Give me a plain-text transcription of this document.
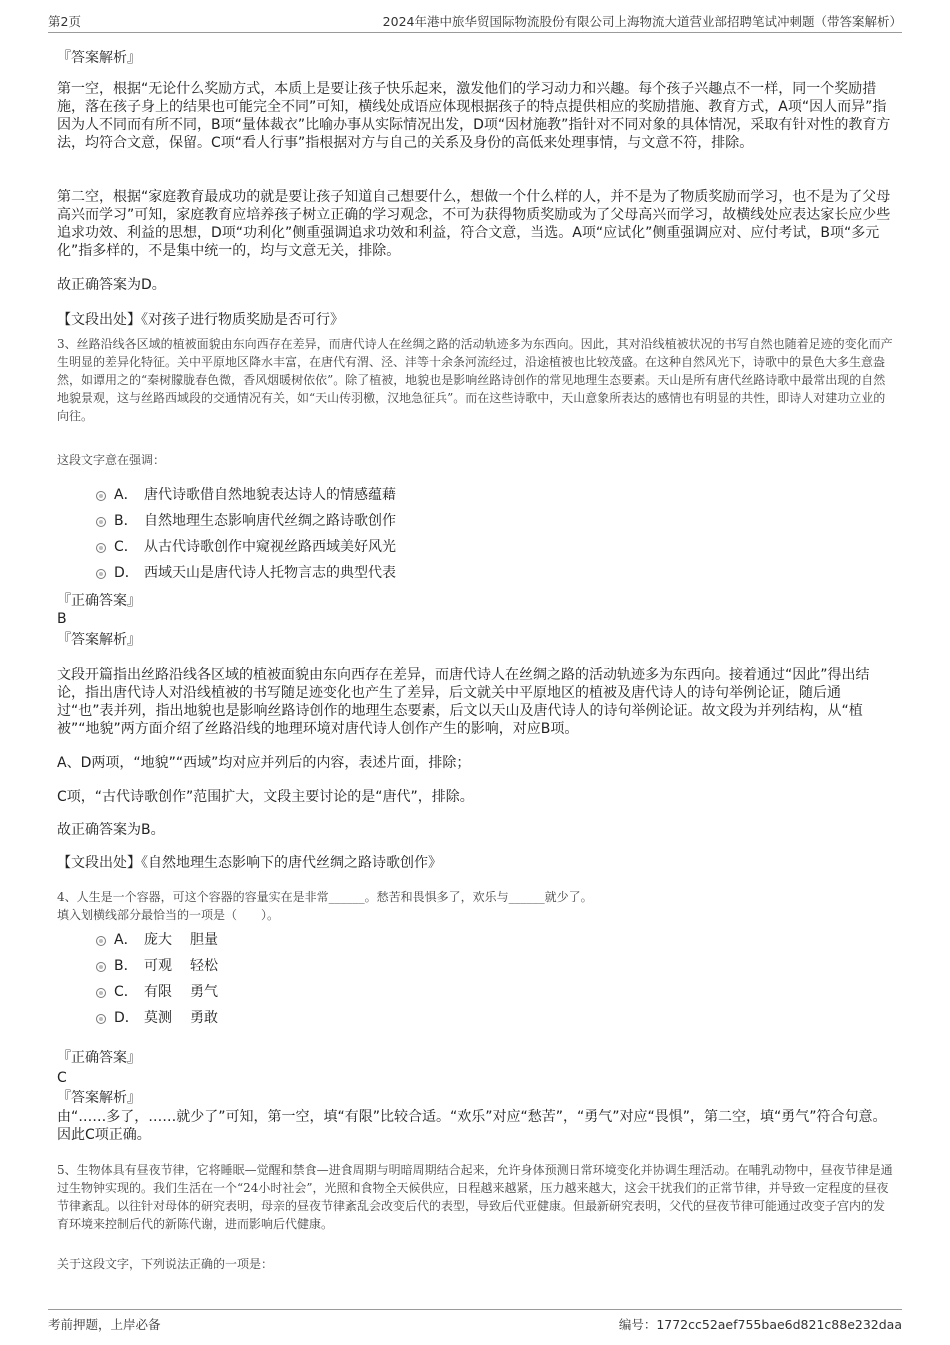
第2页	2024年港中旅华贸国际物流股份有限公司上海物流大道营业部招聘笔试冲刺题（带答案解析）
『答案解析』

第一空，根据“无论什么奖励方式，本质上是要让孩子快乐起来，激发他们的学习动力和兴趣。每个孩子兴趣点不一样，同一个奖励措施，落在孩子身上的结果也可能完全不同”可知，横线处成语应体现根据孩子的特点提供相应的奖励措施、教育方式，A项“因人而异”指因为人不同而有所不同，B项“量体裁衣”比喻办事从实际情况出发，D项“因材施教”指针对不同对象的具体情况，采取有针对性的教育方法，均符合文意，保留。C项“看人行事”指根据对方与自己的关系及身份的高低来处理事情，与文意不符，排除。

第二空，根据“家庭教育最成功的就是要让孩子知道自己想要什么，想做一个什么样的人，并不是为了物质奖励而学习，也不是为了父母高兴而学习”可知，家庭教育应培养孩子树立正确的学习观念，不可为获得物质奖励或为了父母高兴而学习，故横线处应表达家长应少些追求功效、利益的思想，D项“功利化”侧重强调追求功效和利益，符合文意，当选。A项“应试化”侧重强调应对、应付考试，B项“多元化”指多样的，不是集中统一的，均与文意无关，排除。

故正确答案为D。

【文段出处】《对孩子进行物质奖励是否可行》

3、丝路沿线各区域的植被面貌由东向西存在差异，而唐代诗人在丝绸之路的活动轨迹多为东西向。因此，其对沿线植被状况的书写自然也随着足迹的变化而产生明显的差异化特征。关中平原地区降水丰富，在唐代有渭、泾、沣等十余条河流经过，沿途植被也比较茂盛。在这种自然风光下，诗歌中的景色大多生意盎然，如谭用之的“秦树朦胧春色微，香风烟暖树依依”。除了植被，地貌也是影响丝路诗创作的常见地理生态要素。天山是所有唐代丝路诗歌中最常出现的自然地貌景观，这与丝路西域段的交通情况有关，如“天山传羽檄，汉地急征兵”。而在这些诗歌中，天山意象所表达的感情也有明显的共性，即诗人对建功立业的向往。

这段文字意在强调：

A． 唐代诗歌借自然地貌表达诗人的情感蕴藉
B． 自然地理生态影响唐代丝绸之路诗歌创作
C． 从古代诗歌创作中窥视丝路西域美好风光
D． 西域天山是唐代诗人托物言志的典型代表
『正确答案』
B
『答案解析』

文段开篇指出丝路沿线各区域的植被面貌由东向西存在差异，而唐代诗人在丝绸之路的活动轨迹多为东西向。接着通过“因此”得出结论，指出唐代诗人对沿线植被的书写随足迹变化也产生了差异，后文就关中平原地区的植被及唐代诗人的诗句举例论证，随后通过“也”表并列，指出地貌也是影响丝路诗创作的地理生态要素，后文以天山及唐代诗人的诗句举例论证。故文段为并列结构，从“植被”“地貌”两方面介绍了丝路沿线的地理环境对唐代诗人创作产生的影响，对应B项。

A、D两项，“地貌”“西域”均对应并列后的内容，表述片面，排除；

C项，“古代诗歌创作”范围扩大，文段主要讨论的是“唐代”，排除。

故正确答案为B。

【文段出处】《自然地理生态影响下的唐代丝绸之路诗歌创作》

4、人生是一个容器，可这个容器的容量实在是非常______。愁苦和畏惧多了，欢乐与______就少了。

填入划横线部分最恰当的一项是（　　）。

A． 庞大 胆量
B． 可观 轻松
C． 有限 勇气
D． 莫测 勇敢
『正确答案』
C
『答案解析』

由“……多了，……就少了”可知，第一空，填“有限”比较合适。“欢乐”对应“愁苦”，“勇气”对应“畏惧”，第二空，填“勇气”符合句意。因此C项正确。

5、生物体具有昼夜节律，它将睡眠—觉醒和禁食—进食周期与明暗周期结合起来，允许身体预测日常环境变化并协调生理活动。在哺乳动物中，昼夜节律是通过生物钟实现的。我们生活在一个“24小时社会”，光照和食物全天候供应，日程越来越紧，压力越来越大，这会干扰我们的正常节律，并导致一定程度的昼夜节律紊乱。以往针对母体的研究表明，母亲的昼夜节律紊乱会改变后代的表型，导致后代亚健康。但最新研究表明，父代的昼夜节律可能通过改变子宫内的发育环境来控制后代的新陈代谢，进而影响后代健康。

关于这段文字，下列说法正确的一项是：

考前押题，上岸必备	编号：1772cc52aef755bae6d821c88e232daa
